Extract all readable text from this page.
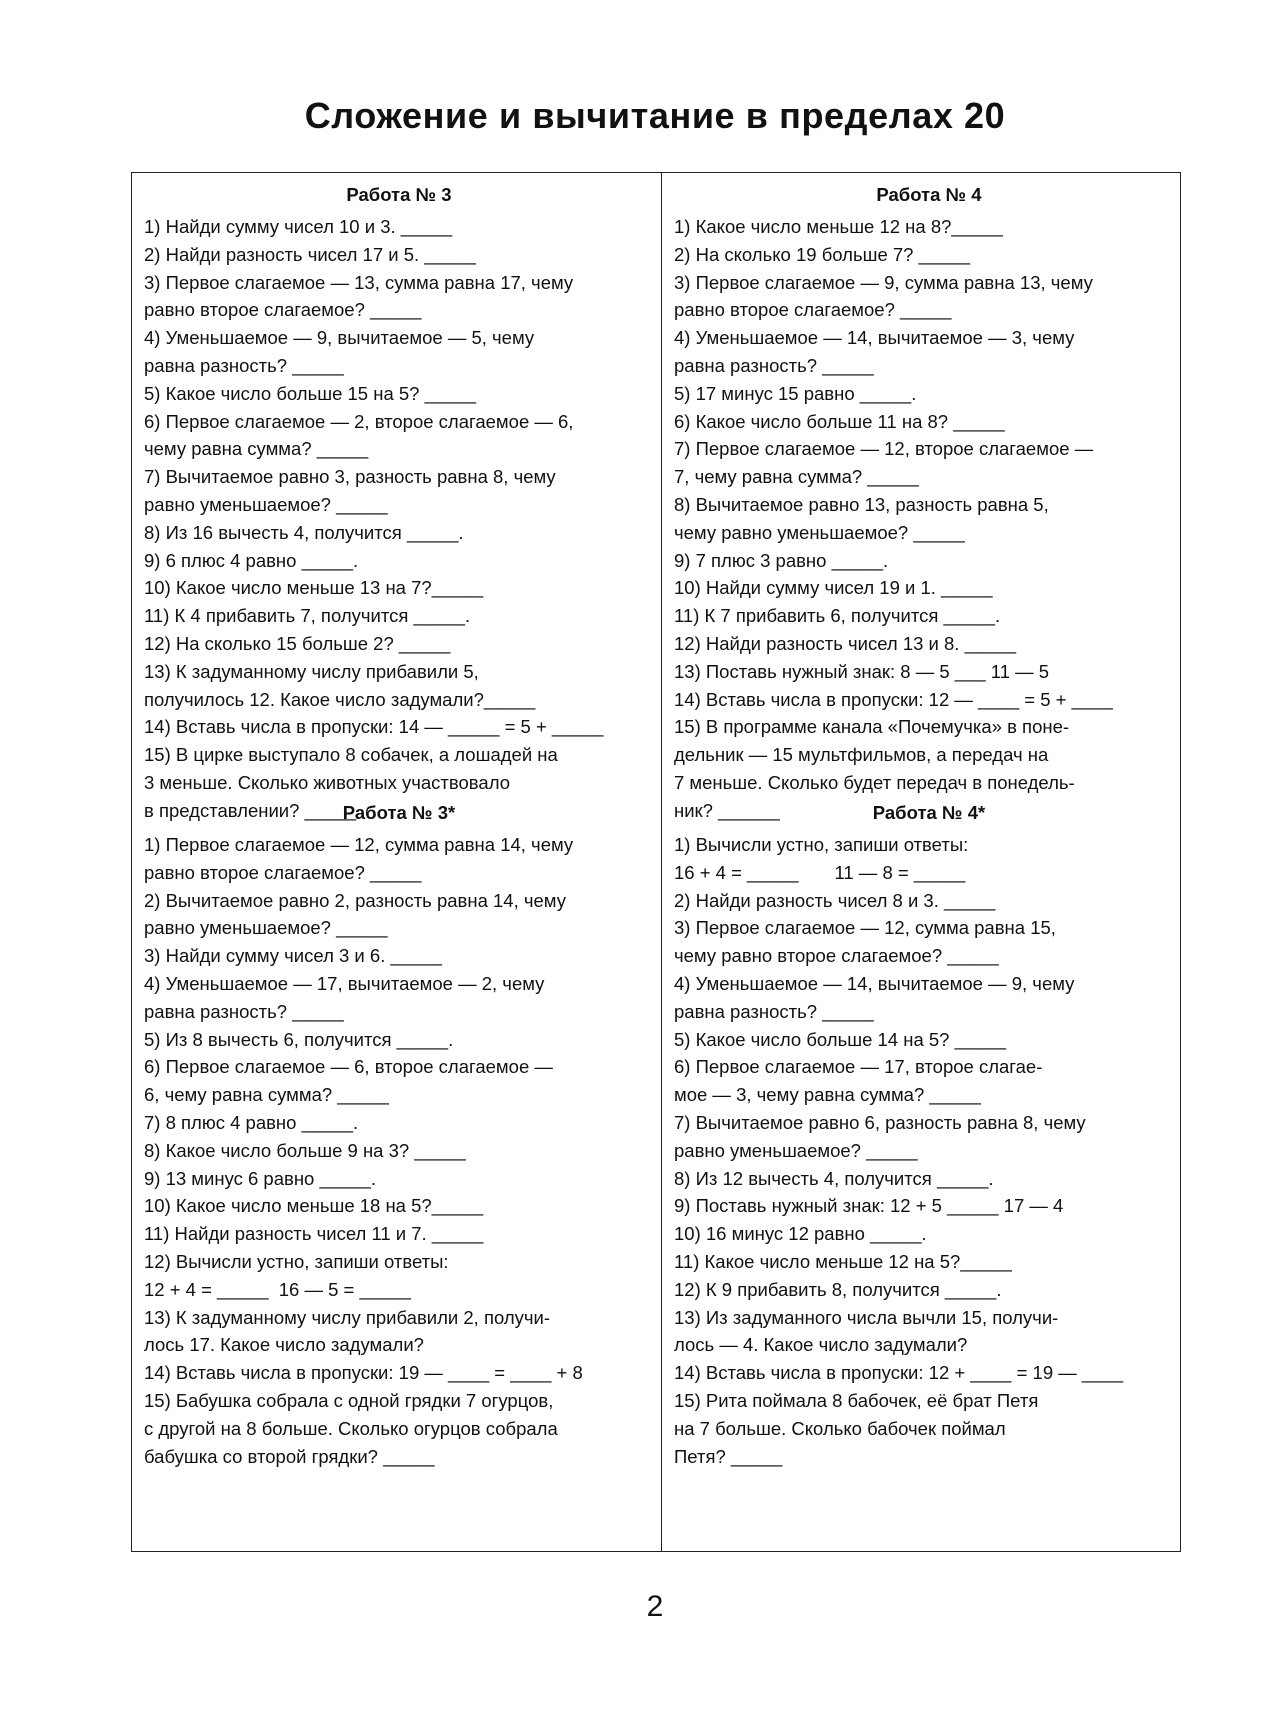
Сложение и вычитание в пределах 20
Работа № 3
1) Найди сумму чисел 10 и 3. _____
2) Найди разность чисел 17 и 5. _____
3) Первое слагаемое — 13, сумма равна 17, чему
равно второе слагаемое? _____
4) Уменьшаемое — 9, вычитаемое — 5, чему
равна разность? _____
5) Какое число больше 15 на 5? _____
6) Первое слагаемое — 2, второе слагаемое — 6,
чему равна сумма? _____
7) Вычитаемое равно 3, разность равна 8, чему
равно уменьшаемое? _____
8) Из 16 вычесть 4, получится _____.
9) 6 плюс 4 равно _____.
10) Какое число меньше 13 на 7?_____
11) К 4 прибавить 7, получится _____.
12) На сколько 15 больше 2? _____
13) К задуманному числу прибавили 5,
получилось 12. Какое число задумали?_____
14) Вставь числа в пропуски: 14 — _____ = 5 + _____
15) В цирке выступало 8 собачек, а лошадей на
3 меньше. Сколько животных участвовало
в представлении? _____
Работа № 3*
1) Первое слагаемое — 12, сумма равна 14, чему
равно второе слагаемое? _____
2) Вычитаемое равно 2, разность равна 14, чему
равно уменьшаемое? _____
3) Найди сумму чисел 3 и 6. _____
4) Уменьшаемое — 17, вычитаемое — 2, чему
равна разность? _____
5) Из 8 вычесть 6, получится _____.
6) Первое слагаемое — 6, второе слагаемое —
6, чему равна сумма? _____
7) 8 плюс 4 равно _____.
8) Какое число больше 9 на 3? _____
9) 13 минус 6 равно _____.
10) Какое число меньше 18 на 5?_____
11) Найди разность чисел 11 и 7. _____
12) Вычисли устно, запиши ответы:
12 + 4 = _____  16 — 5 = _____
13) К задуманному числу прибавили 2, получи-
лось 17. Какое число задумали?
14) Вставь числа в пропуски: 19 — ____ = ____ + 8
15) Бабушка собрала с одной грядки 7 огурцов,
с другой на 8 больше. Сколько огурцов собрала
бабушка со второй грядки? _____
Работа № 4
1) Какое число меньше 12 на 8?_____
2) На сколько 19 больше 7? _____
3) Первое слагаемое — 9, сумма равна 13, чему
равно второе слагаемое? _____
4) Уменьшаемое — 14, вычитаемое — 3, чему
равна разность? _____
5) 17 минус 15 равно _____.
6) Какое число больше 11 на 8? _____
7) Первое слагаемое — 12, второе слагаемое —
7, чему равна сумма? _____
8) Вычитаемое равно 13, разность равна 5,
чему равно уменьшаемое? _____
9) 7 плюс 3 равно _____.
10) Найди сумму чисел 19 и 1. _____
11) К 7 прибавить 6, получится _____.
12) Найди разность чисел 13 и 8. _____
13) Поставь нужный знак: 8 — 5 ___ 11 — 5
14) Вставь числа в пропуски: 12 — ____ = 5 + ____
15) В программе канала «Почемучка» в поне-
дельник — 15 мультфильмов, а передач на
7 меньше. Сколько будет передач в понедель-
ник? ______	Работа № 4*
1) Вычисли устно, запиши ответы:
16 + 4 = _____       11 — 8 = _____
2) Найди разность чисел 8 и 3. _____
3) Первое слагаемое — 12, сумма равна 15,
чему равно второе слагаемое? _____
4) Уменьшаемое — 14, вычитаемое — 9, чему
равна разность? _____
5) Какое число больше 14 на 5? _____
6) Первое слагаемое — 17, второе слагае-
мое — 3, чему равна сумма? _____
7) Вычитаемое равно 6, разность равна 8, чему
равно уменьшаемое? _____
8) Из 12 вычесть 4, получится _____.
9) Поставь нужный знак: 12 + 5 _____ 17 — 4
10) 16 минус 12 равно _____.
11) Какое число меньше 12 на 5?_____
12) К 9 прибавить 8, получится _____.
13) Из задуманного числа вычли 15, получи-
лось — 4. Какое число задумали?
14) Вставь числа в пропуски: 12 + ____ = 19 — ____
15) Рита поймала 8 бабочек, её брат Петя
на 7 больше. Сколько бабочек поймал
Петя? _____
2
